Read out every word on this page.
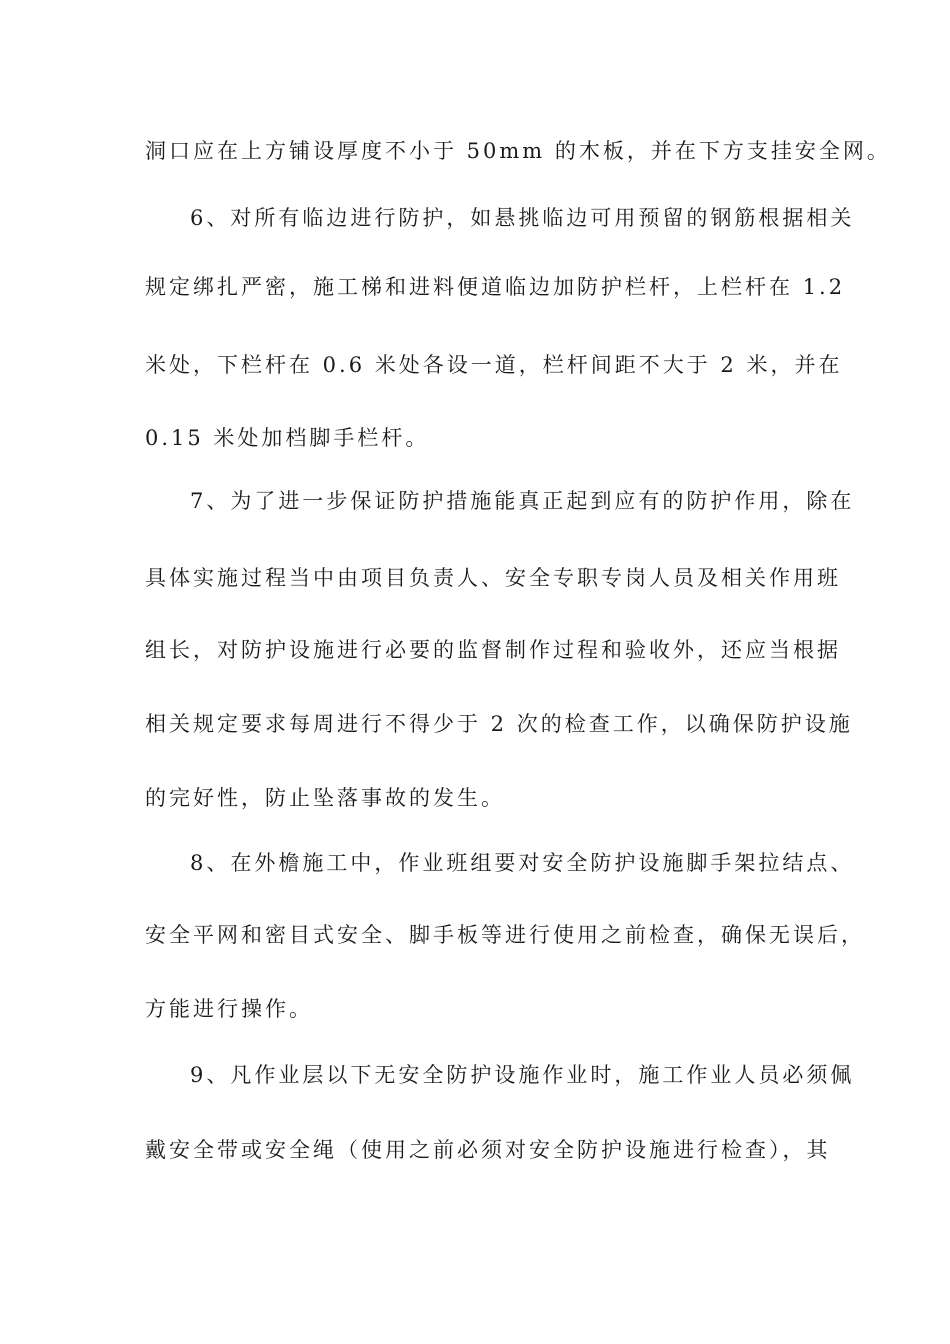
洞口应在上方铺设厚度不小于 50mm 的木板，并在下方支挂安全网。
6、对所有临边进行防护，如悬挑临边可用预留的钢筋根据相关
规定绑扎严密，施工梯和进料便道临边加防护栏杆，上栏杆在 1.2
米处，下栏杆在 0.6 米处各设一道，栏杆间距不大于 2 米，并在
0.15 米处加档脚手栏杆。
7、为了进一步保证防护措施能真正起到应有的防护作用，除在
具体实施过程当中由项目负责人、安全专职专岗人员及相关作用班
组长，对防护设施进行必要的监督制作过程和验收外，还应当根据
相关规定要求每周进行不得少于 2 次的检查工作，以确保防护设施
的完好性，防止坠落事故的发生。
8、在外檐施工中，作业班组要对安全防护设施脚手架拉结点、
安全平网和密目式安全、脚手板等进行使用之前检查，确保无误后，
方能进行操作。
9、凡作业层以下无安全防护设施作业时，施工作业人员必须佩
戴安全带或安全绳（使用之前必须对安全防护设施进行检查），其
